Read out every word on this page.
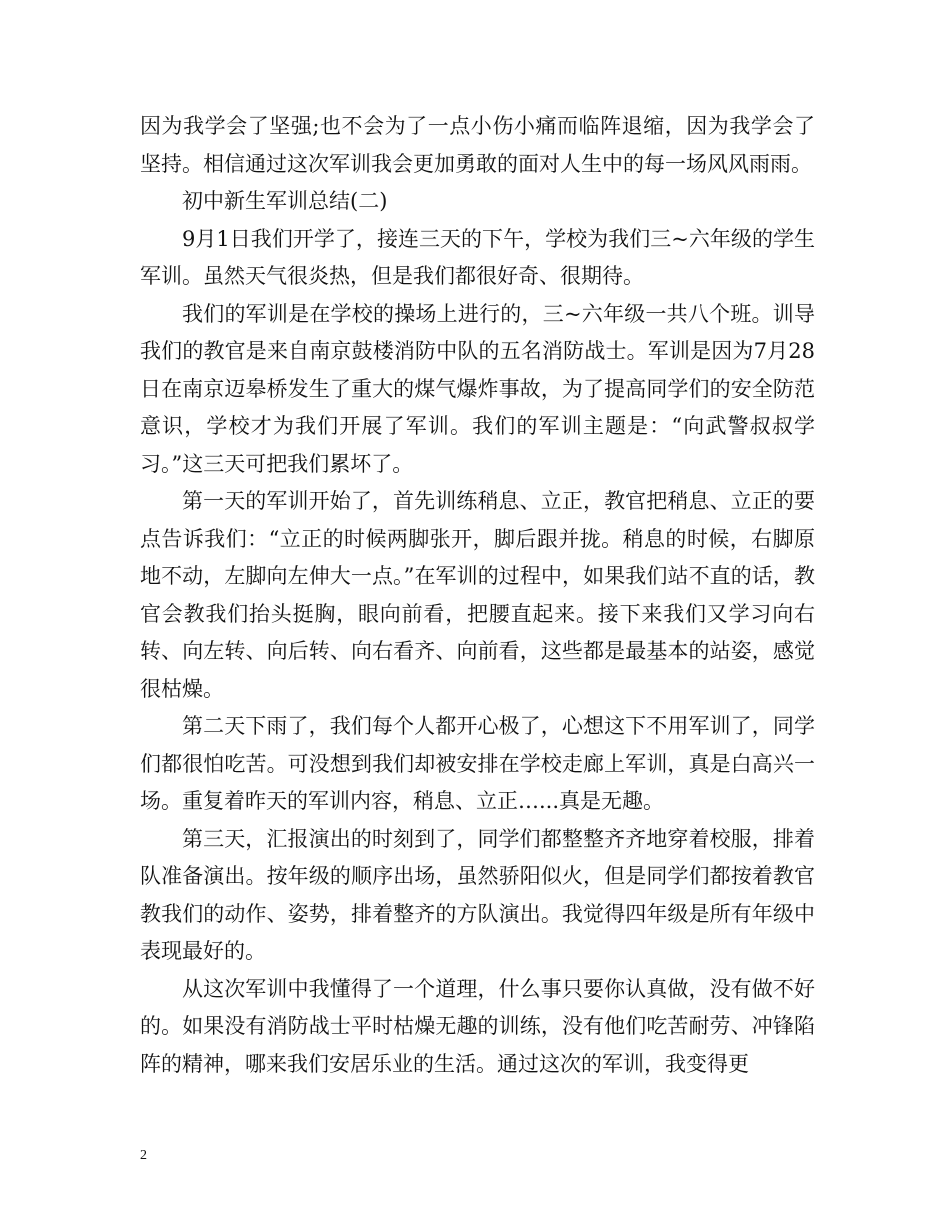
因为我学会了坚强;也不会为了一点小伤小痛而临阵退缩，因为我学会了坚持。相信通过这次军训我会更加勇敢的面对人生中的每一场风风雨雨。

初中新生军训总结(二)

9月1日我们开学了，接连三天的下午，学校为我们三~六年级的学生军训。虽然天气很炎热，但是我们都很好奇、很期待。

我们的军训是在学校的操场上进行的，三~六年级一共八个班。训导我们的教官是来自南京鼓楼消防中队的五名消防战士。军训是因为7月28日在南京迈皋桥发生了重大的煤气爆炸事故，为了提高同学们的安全防范意识，学校才为我们开展了军训。我们的军训主题是：“向武警叔叔学习。”这三天可把我们累坏了。

第一天的军训开始了，首先训练稍息、立正，教官把稍息、立正的要点告诉我们：“立正的时候两脚张开，脚后跟并拢。稍息的时候，右脚原地不动，左脚向左伸大一点。”在军训的过程中，如果我们站不直的话，教官会教我们抬头挺胸，眼向前看，把腰直起来。接下来我们又学习向右转、向左转、向后转、向右看齐、向前看，这些都是最基本的站姿，感觉很枯燥。

第二天下雨了，我们每个人都开心极了，心想这下不用军训了，同学们都很怕吃苦。可没想到我们却被安排在学校走廊上军训，真是白高兴一场。重复着昨天的军训内容，稍息、立正…...真是无趣。

第三天，汇报演出的时刻到了，同学们都整整齐齐地穿着校服，排着队准备演出。按年级的顺序出场，虽然骄阳似火，但是同学们都按着教官教我们的动作、姿势，排着整齐的方队演出。我觉得四年级是所有年级中表现最好的。

从这次军训中我懂得了一个道理，什么事只要你认真做，没有做不好的。如果没有消防战士平时枯燥无趣的训练，没有他们吃苦耐劳、冲锋陷阵的精神，哪来我们安居乐业的生活。通过这次的军训，我变得更

2
